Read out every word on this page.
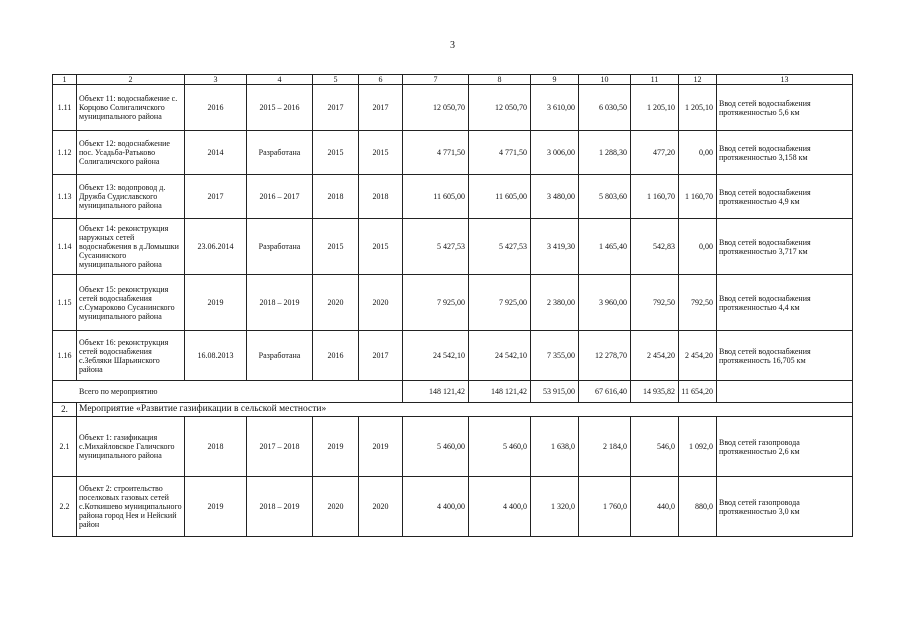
3
1	2	3	4	5	6	7	8	9	10	11	12	13
1.11	Объект 11: водоснабжение с. Корцово Солигаличского муниципального района	2016	2015 – 2016	2017	2017	12 050,70	12 050,70	3 610,00	6 030,50	1 205,10	1 205,10	Ввод сетей водоснабжения протяженностью 5,6 км
1.12	Объект 12: водоснабжение пос. Усадьба-Ратьково Солигаличского района	2014	Разработана	2015	2015	4 771,50	4 771,50	3 006,00	1 288,30	477,20	0,00	Ввод сетей водоснабжения протяженностью 3,158 км
1.13	Объект 13: водопровод д. Дружба Судиславского муниципального района	2017	2016 – 2017	2018	2018	11 605,00	11 605,00	3 480,00	5 803,60	1 160,70	1 160,70	Ввод сетей водоснабжения протяженностью 4,9 км
1.14	Объект 14: реконструкция наружных сетей водоснабжения в д.Ломышки Сусанинского муниципального района	23.06.2014	Разработана	2015	2015	5 427,53	5 427,53	3 419,30	1 465,40	542,83	0,00	Ввод сетей водоснабжения протяженностью 3,717 км
1.15	Объект 15: реконструкция сетей водоснабжения с.Сумароково Сусанинского муниципального района	2019	2018 – 2019	2020	2020	7 925,00	7 925,00	2 380,00	3 960,00	792,50	792,50	Ввод сетей водоснабжения протяженностью 4,4 км
1.16	Объект 16: реконструкция сетей водоснабжения с.Зебляки Шарьинского района	16.08.2013	Разработана	2016	2017	24 542,10	24 542,10	7 355,00	12 278,70	2 454,20	2 454,20	Ввод сетей водоснабжения протяженность 16,705 км
Всего по мероприятию						148 121,42	148 121,42	53 915,00	67 616,40	14 935,82	11 654,20	
2.	Мероприятие «Развитие газификации в сельской местности»											
2.1	Объект 1: газификация с.Михайловское Галичского муниципального района	2018	2017 – 2018	2019	2019	5 460,00	5 460,0	1 638,0	2 184,0	546,0	1 092,0	Ввод сетей газопровода протяженностью 2,6 км
2.2	Объект 2: строительство поселковых газовых сетей с.Коткишево муниципального района город Нея и Нейский район	2019	2018 – 2019	2020	2020	4 400,00	4 400,0	1 320,0	1 760,0	440,0	880,0	Ввод сетей газопровода протяженностью 3,0 км
